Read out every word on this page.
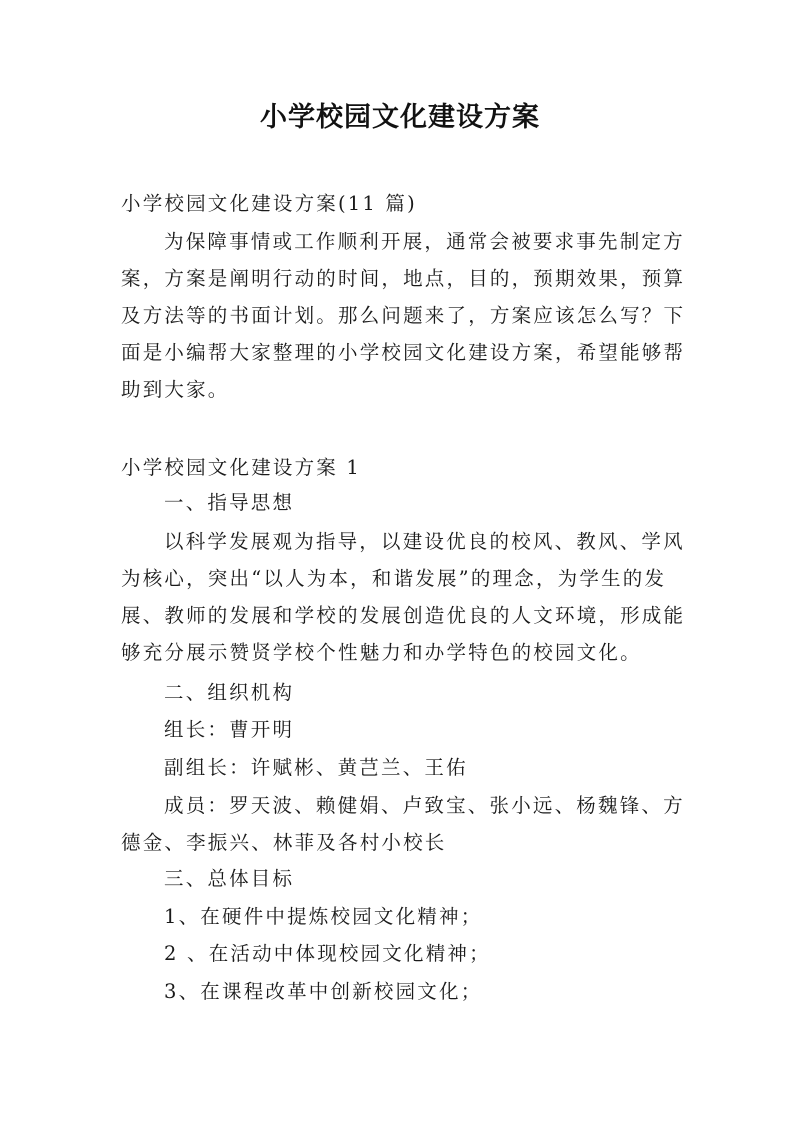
小学校园文化建设方案
小学校园文化建设方案(11 篇)
为保障事情或工作顺利开展，通常会被要求事先制定方
案，方案是阐明行动的时间，地点，目的，预期效果，预算
及方法等的书面计划。那么问题来了，方案应该怎么写？下
面是小编帮大家整理的小学校园文化建设方案，希望能够帮
助到大家。
小学校园文化建设方案 1
一、指导思想
以科学发展观为指导，以建设优良的校风、教风、学风
为核心，突出“以人为本，和谐发展”的理念，为学生的发
展、教师的发展和学校的发展创造优良的人文环境，形成能
够充分展示赞贤学校个性魅力和办学特色的校园文化。
二、组织机构
组长：曹开明
副组长：许赋彬、黄芑兰、王佑
成员：罗天波、赖健娟、卢致宝、张小远、杨魏锋、方
德金、李振兴、林菲及各村小校长
三、总体目标
1、在硬件中提炼校园文化精神；
2 、在活动中体现校园文化精神；
3、在课程改革中创新校园文化；
